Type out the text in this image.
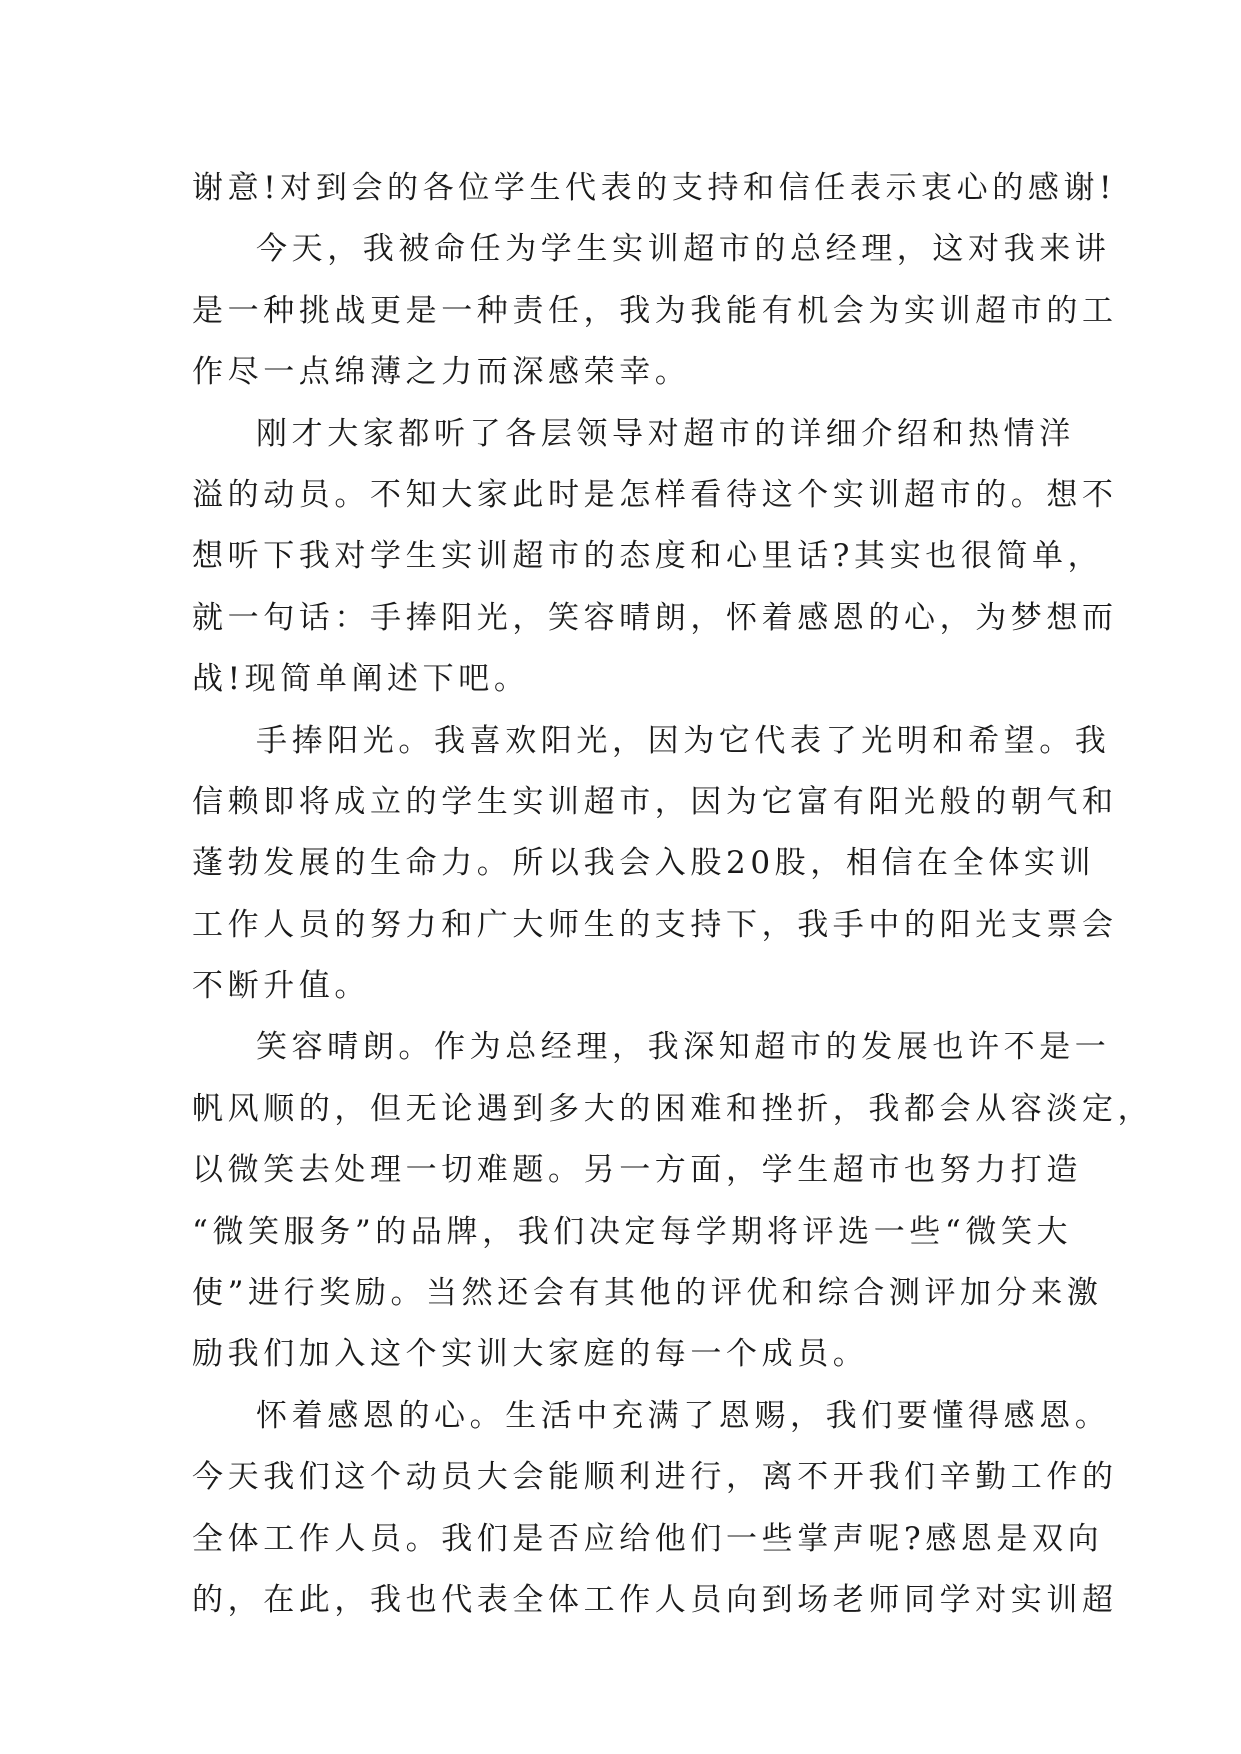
谢意!对到会的各位学生代表的支持和信任表示衷心的感谢!
今天，我被命任为学生实训超市的总经理，这对我来讲
是一种挑战更是一种责任，我为我能有机会为实训超市的工
作尽一点绵薄之力而深感荣幸。
刚才大家都听了各层领导对超市的详细介绍和热情洋
溢的动员。不知大家此时是怎样看待这个实训超市的。想不
想听下我对学生实训超市的态度和心里话?其实也很简单，
就一句话：手捧阳光，笑容晴朗，怀着感恩的心，为梦想而
战!现简单阐述下吧。
手捧阳光。我喜欢阳光，因为它代表了光明和希望。我
信赖即将成立的学生实训超市，因为它富有阳光般的朝气和
蓬勃发展的生命力。所以我会入股20股，相信在全体实训
工作人员的努力和广大师生的支持下，我手中的阳光支票会
不断升值。
笑容晴朗。作为总经理，我深知超市的发展也许不是一
帆风顺的，但无论遇到多大的困难和挫折，我都会从容淡定，
以微笑去处理一切难题。另一方面，学生超市也努力打造
“微笑服务”的品牌，我们决定每学期将评选一些“微笑大
使”进行奖励。当然还会有其他的评优和综合测评加分来激
励我们加入这个实训大家庭的每一个成员。
怀着感恩的心。生活中充满了恩赐，我们要懂得感恩。
今天我们这个动员大会能顺利进行，离不开我们辛勤工作的
全体工作人员。我们是否应给他们一些掌声呢?感恩是双向
的，在此，我也代表全体工作人员向到场老师同学对实训超
